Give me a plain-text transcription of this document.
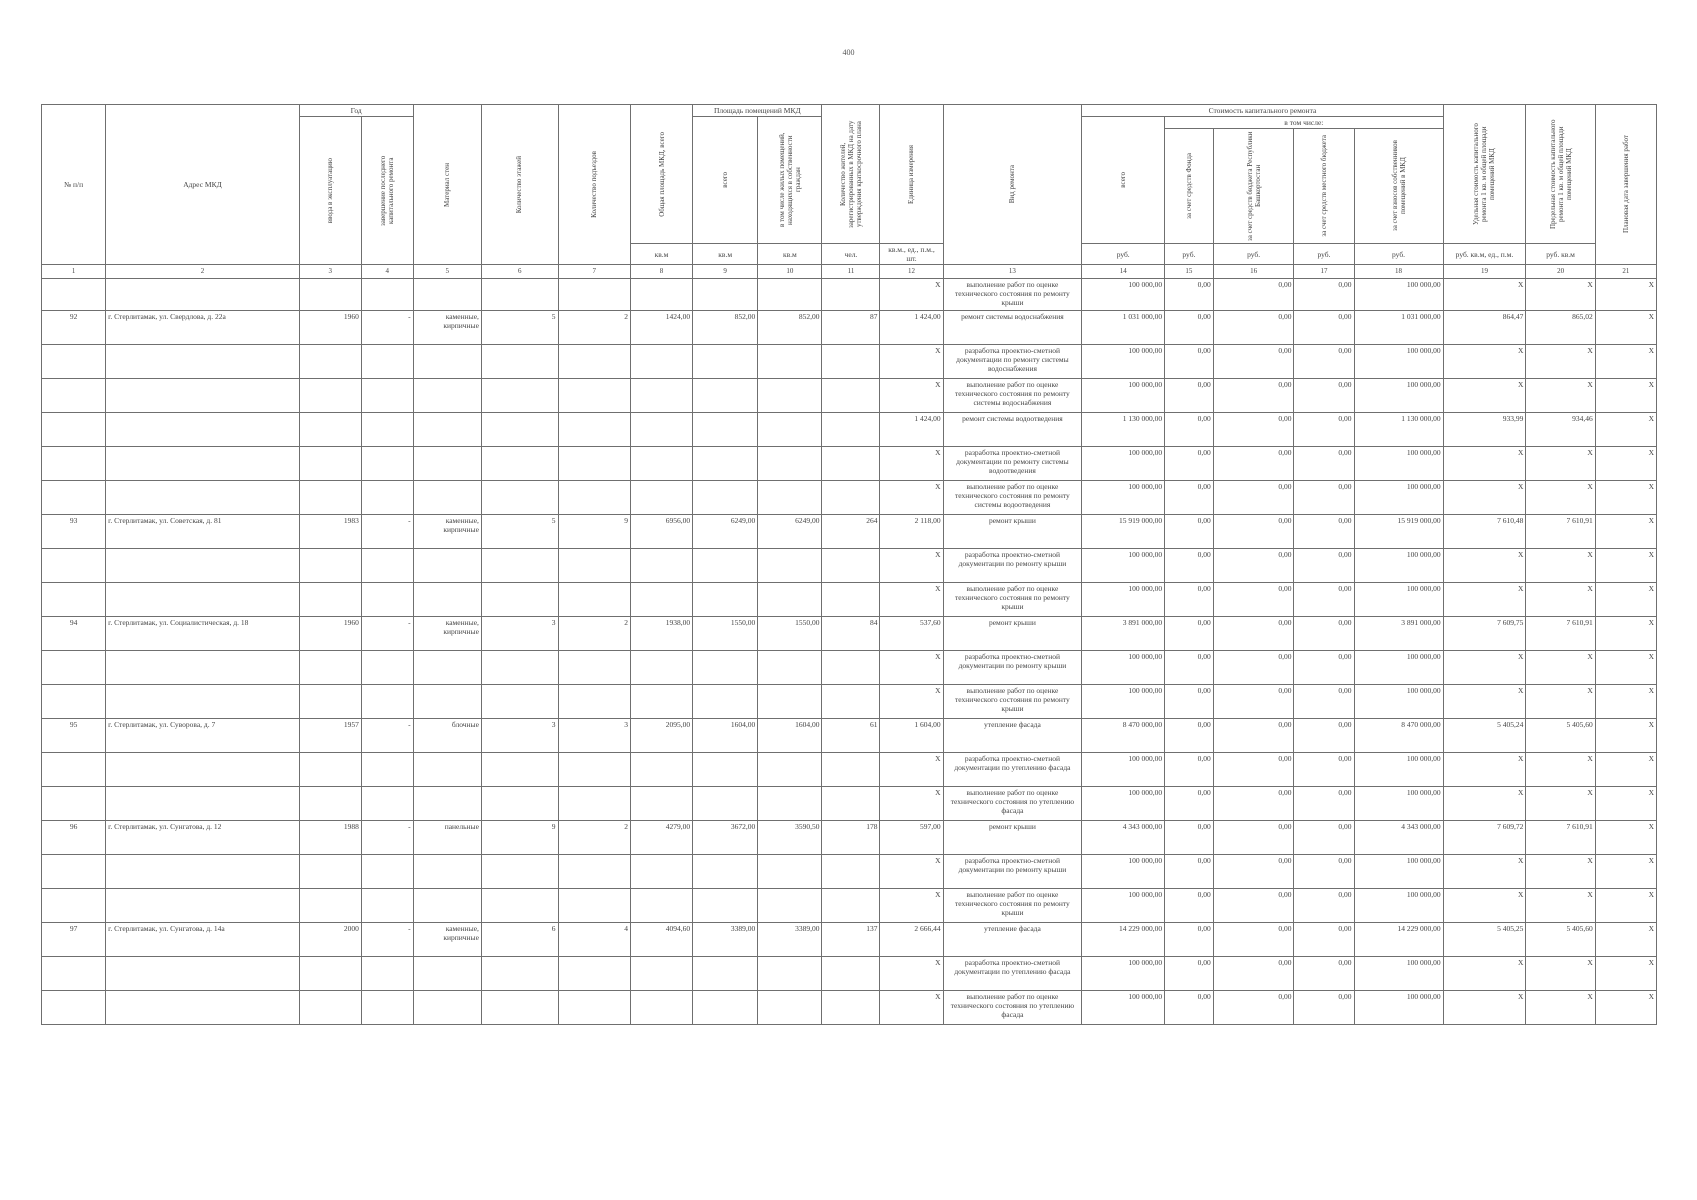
400
№ п/п	Адрес МКД	Год		Материал стен	Количество этажей	Количество подъездов	Общая площадь МКД, всего	Площадь помещений МКД		Количество жителей, зарегистрированных в МКД на дату утверждения краткосрочного плана	Единица измерения	Вид ремонта	Стоимость капитального ремонта					Удельная стоимость капитального ремонта 1 кв. м общей площади помещений МКД	Предельная стоимость капитального ремонта 1 кв. м общей площади помещений МКД	Плановая дата завершения работ

		ввода в эксплуатацию	завершение последнего капитального ремонта					всего	в том числе жилых помещений, находящихся в собственности граждан				всего	в том числе:						

														за счет средств Фонда	за счет средств бюджета Республики Башкортостан	за счет средств местного бюджета	за счет взносов собственников помещений в МКД			

							кв.м	кв.м	кв.м	чел.	кв.м., ед., п.м., шт.		руб.	руб.	руб.	руб.	руб.	руб. кв.м, ед., п.м.	руб. кв.м	
1	2	3	4	5	6	7	8	9	10	11	12	13	14	15	16	17	18	19	20	21
											X	выполнение работ по оценке технического состояния по ремонту крыши	100 000,00	0,00	0,00	0,00	100 000,00	X	X	X
92	г. Стерлитамак, ул. Свердлова, д. 22а	1960	-	каменные, кирпичные	5	2	1424,00	852,00	852,00	87	1 424,00	ремонт системы водоснабжения	1 031 000,00	0,00	0,00	0,00	1 031 000,00	864,47	865,02	X
											X	разработка проектно-сметной документации по ремонту системы водоснабжения	100 000,00	0,00	0,00	0,00	100 000,00	X	X	X
											X	выполнение работ по оценке технического состояния по ремонту системы водоснабжения	100 000,00	0,00	0,00	0,00	100 000,00	X	X	X
											1 424,00	ремонт системы водоотведения	1 130 000,00	0,00	0,00	0,00	1 130 000,00	933,99	934,46	X
											X	разработка проектно-сметной документации по ремонту системы водоотведения	100 000,00	0,00	0,00	0,00	100 000,00	X	X	X
											X	выполнение работ по оценке технического состояния по ремонту системы водоотведения	100 000,00	0,00	0,00	0,00	100 000,00	X	X	X
93	г. Стерлитамак, ул. Советская, д. 81	1983	-	каменные, кирпичные	5	9	6956,00	6249,00	6249,00	264	2 118,00	ремонт крыши	15 919 000,00	0,00	0,00	0,00	15 919 000,00	7 610,48	7 610,91	X
											X	разработка проектно-сметной документации по ремонту крыши	100 000,00	0,00	0,00	0,00	100 000,00	X	X	X
											X	выполнение работ по оценке технического состояния по ремонту крыши	100 000,00	0,00	0,00	0,00	100 000,00	X	X	X
94	г. Стерлитамак, ул. Социалистическая, д. 18	1960	-	каменные, кирпичные	3	2	1938,00	1550,00	1550,00	84	537,60	ремонт крыши	3 891 000,00	0,00	0,00	0,00	3 891 000,00	7 609,75	7 610,91	X
											X	разработка проектно-сметной документации по ремонту крыши	100 000,00	0,00	0,00	0,00	100 000,00	X	X	X
											X	выполнение работ по оценке технического состояния по ремонту крыши	100 000,00	0,00	0,00	0,00	100 000,00	X	X	X
95	г. Стерлитамак, ул. Суворова, д. 7	1957	-	блочные	3	3	2095,00	1604,00	1604,00	61	1 604,00	утепление фасада	8 470 000,00	0,00	0,00	0,00	8 470 000,00	5 405,24	5 405,60	X
											X	разработка проектно-сметной документации по утеплению фасада	100 000,00	0,00	0,00	0,00	100 000,00	X	X	X
											X	выполнение работ по оценке технического состояния по утеплению фасада	100 000,00	0,00	0,00	0,00	100 000,00	X	X	X
96	г. Стерлитамак, ул. Сунгатова, д. 12	1988	-	панельные	9	2	4279,00	3672,00	3590,50	178	597,00	ремонт крыши	4 343 000,00	0,00	0,00	0,00	4 343 000,00	7 609,72	7 610,91	X
											X	разработка проектно-сметной документации по ремонту крыши	100 000,00	0,00	0,00	0,00	100 000,00	X	X	X
											X	выполнение работ по оценке технического состояния по ремонту крыши	100 000,00	0,00	0,00	0,00	100 000,00	X	X	X
97	г. Стерлитамак, ул. Сунгатова, д. 14а	2000	-	каменные, кирпичные	6	4	4094,60	3389,00	3389,00	137	2 666,44	утепление фасада	14 229 000,00	0,00	0,00	0,00	14 229 000,00	5 405,25	5 405,60	X
											X	разработка проектно-сметной документации по утеплению фасада	100 000,00	0,00	0,00	0,00	100 000,00	X	X	X
											X	выполнение работ по оценке технического состояния по утеплению фасада	100 000,00	0,00	0,00	0,00	100 000,00	X	X	X
